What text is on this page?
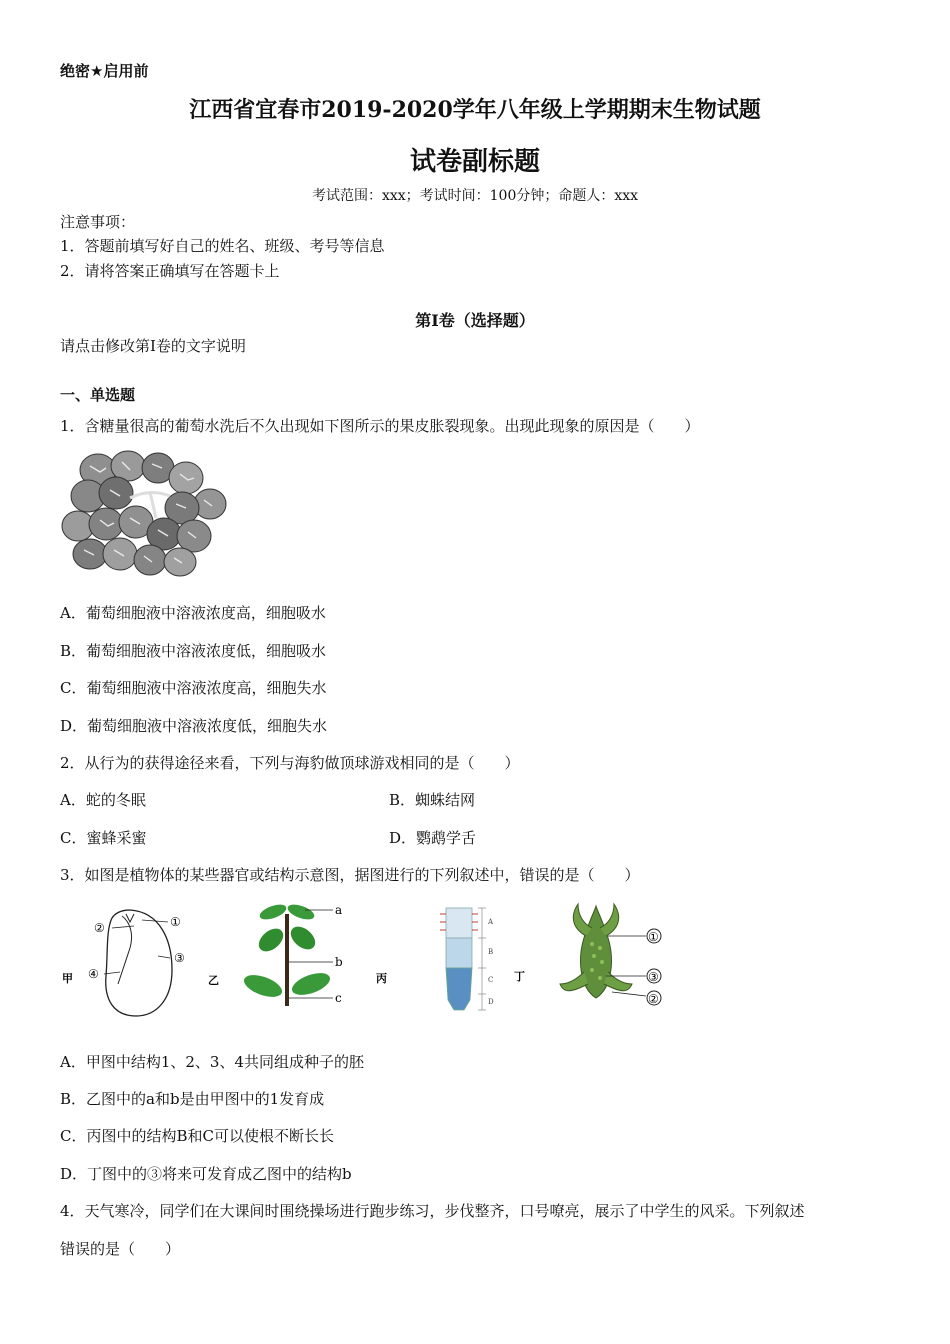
绝密★启用前
江西省宜春市2019-2020学年八年级上学期期末生物试题
试卷副标题
考试范围：xxx；考试时间：100分钟；命题人：xxx
注意事项：
1．答题前填写好自己的姓名、班级、考号等信息
2．请将答案正确填写在答题卡上
第I卷（选择题）
请点击修改第I卷的文字说明
一、单选题
1．含糖量很高的葡萄水洗后不久出现如下图所示的果皮胀裂现象。出现此现象的原因是（　　）
A．葡萄细胞液中溶液浓度高，细胞吸水
B．葡萄细胞液中溶液浓度低，细胞吸水
C．葡萄细胞液中溶液浓度高，细胞失水
D．葡萄细胞液中溶液浓度低，细胞失水
2．从行为的获得途径来看，下列与海豹做顶球游戏相同的是（　　）
A．蛇的冬眠	B．蜘蛛结网
C．蜜蜂采蜜	D．鹦鹉学舌
3．如图是植物体的某些器官或结构示意图，据图进行的下列叙述中，错误的是（　　）
甲
①
②
③
④	乙
a
b
c
丙
A
B
C
D
丁
①
③
②
A．甲图中结构1、2、3、4共同组成种子的胚
B．乙图中的a和b是由甲图中的1发育成
C．丙图中的结构B和C可以使根不断长长
D．丁图中的③将来可发育成乙图中的结构b
4．天气寒冷，同学们在大课间时围绕操场进行跑步练习，步伐整齐，口号嘹亮，展示了中学生的风采。下列叙述
错误的是（　　）
